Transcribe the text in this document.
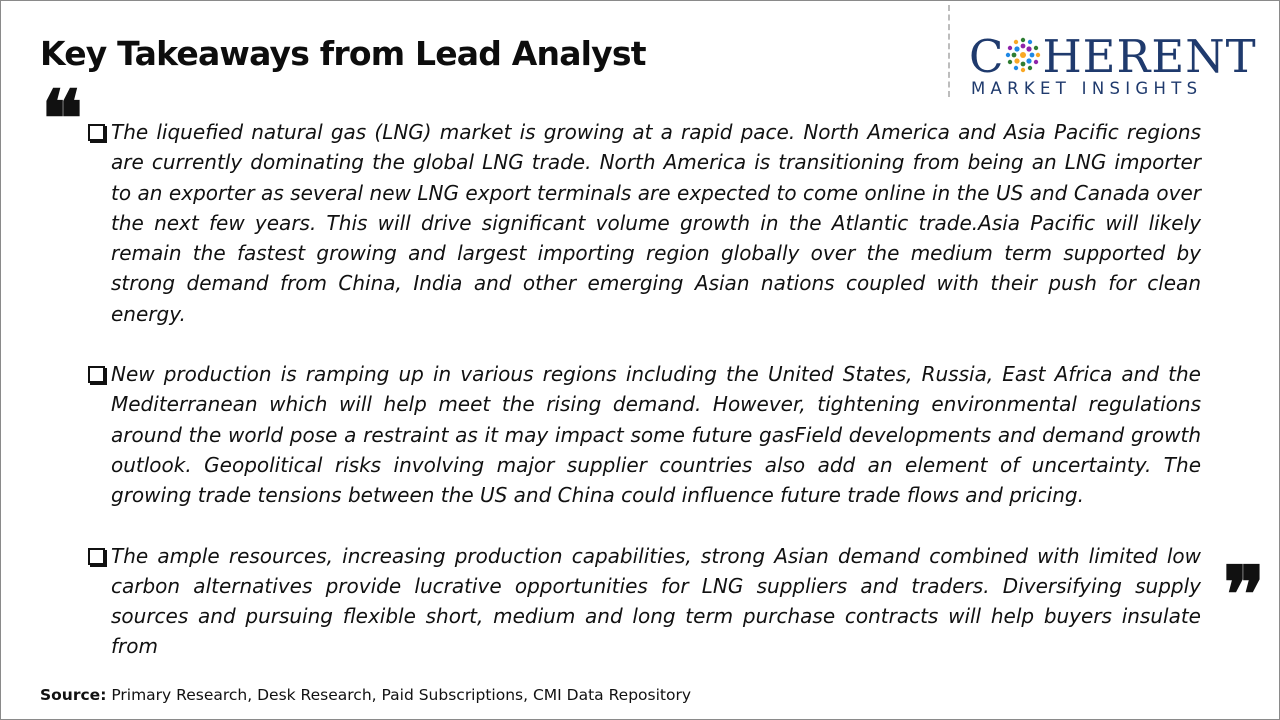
Key Takeaways from Lead Analyst	C HERENT
MARKET INSIGHTS
❝ The liquefied natural gas (LNG) market is growing at a rapid pace. North America and Asia Pacific regions are currently dominating the global LNG trade. North America is transitioning from being an LNG importer to an exporter as several new LNG export terminals are expected to come online in the US and Canada over the next few years. This will drive significant volume growth in the Atlantic trade.Asia Pacific will likely remain the fastest growing and largest importing region globally over the medium term supported by strong demand from China, India and other emerging Asian nations coupled with their push for clean energy.

New production is ramping up in various regions including the United States, Russia, East Africa and the Mediterranean which will help meet the rising demand. However, tightening environmental regulations around the world pose a restraint as it may impact some future gasField developments and demand growth outlook. Geopolitical risks involving major supplier countries also add an element of uncertainty. The growing trade tensions between the US and China could influence future trade flows and pricing.

The ample resources, increasing production capabilities, strong Asian demand combined with limited low carbon alternatives provide lucrative opportunities for LNG suppliers and traders. Diversifying supply sources and pursuing flexible short, medium and long term purchase contracts will help buyers insulate from

❞
Source: Primary Research, Desk Research, Paid Subscriptions, CMI Data Repository
